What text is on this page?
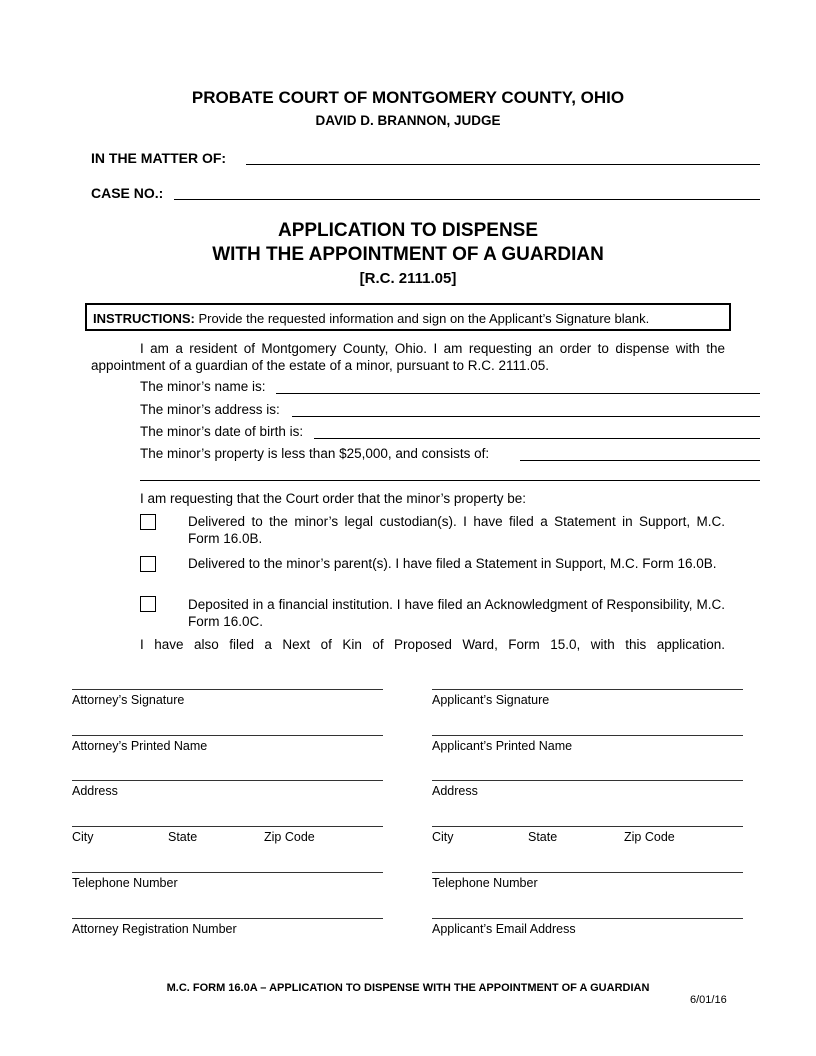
PROBATE COURT OF MONTGOMERY COUNTY, OHIO
DAVID D. BRANNON, JUDGE
IN THE MATTER OF:
CASE NO.:
APPLICATION TO DISPENSE
WITH THE APPOINTMENT OF A GUARDIAN
[R.C. 2111.05]
INSTRUCTIONS: Provide the requested information and sign on the Applicant’s Signature blank.

I am a resident of Montgomery County, Ohio. I am requesting an order to dispense with the appointment of a guardian of the estate of a minor, pursuant to R.C. 2111.05.

The minor’s name is:
The minor’s address is:
The minor’s date of birth is:
The minor’s property is less than $25,000, and consists of:
I am requesting that the Court order that the minor’s property be:
Delivered to the minor’s legal custodian(s). I have filed a Statement in Support, M.C. Form 16.0B.
Delivered to the minor’s parent(s). I have filed a Statement in Support, M.C. Form 16.0B.
Deposited in a financial institution. I have filed an Acknowledgment of Responsibility, M.C. Form 16.0C.
I have also filed a Next of Kin of Proposed Ward, Form 15.0, with this application.
Attorney’s Signature
Attorney’s Printed Name
Address
City	State	Zip Code
Telephone Number
Attorney Registration Number
Applicant’s Signature
Applicant’s Printed Name
Address
City	State	Zip Code
Telephone Number
Applicant’s Email Address
M.C. FORM 16.0A – APPLICATION TO DISPENSE WITH THE APPOINTMENT OF A GUARDIAN
6/01/16
